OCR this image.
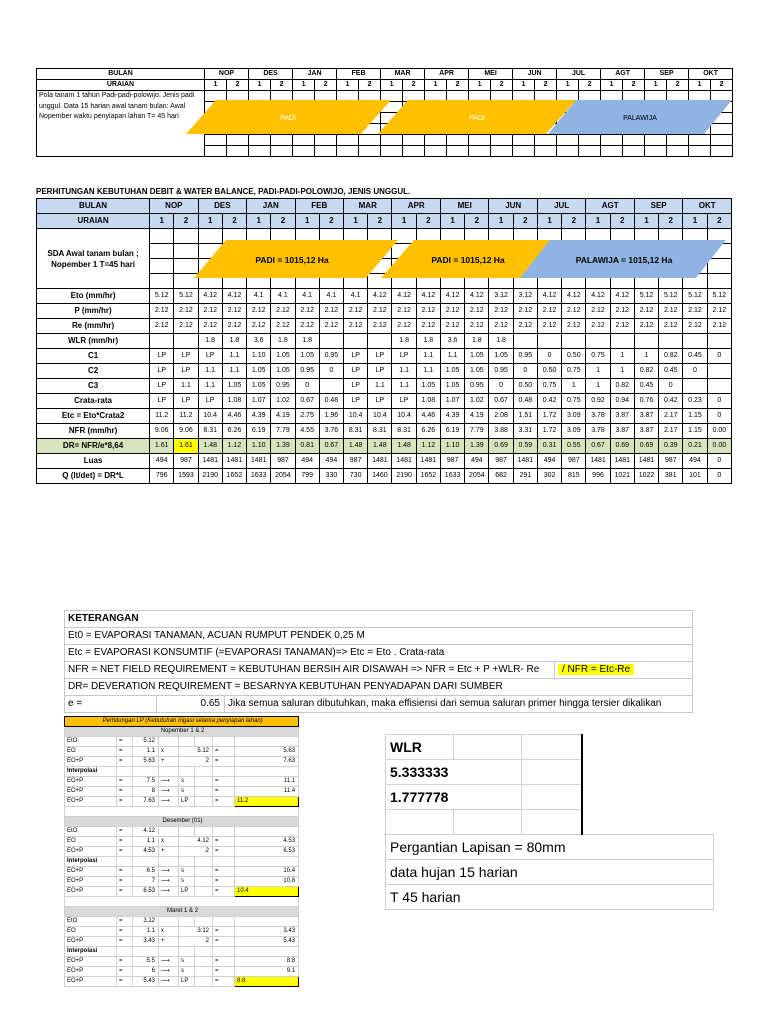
BULAN	NOP		DES		JAN		FEB		MAR		APR		MEI		JUN		JUL		AGT		SEP		OKT	
URAIAN	1	2	1	2	1	2	1	2	1	2	1	2	1	2	1	2	1	2	1	2	1	2	1	2
Pola tanam 1 tahun Padi-padi-polowijo. Jenis padi unggul. Data 15 harian awal tanam bulan: Awal Nopember waktu penyiapan lahan T= 45 hari																								

																								PADI	PADI	PALAWIJA
PERHITUNGAN KEBUTUHAN DEBIT & WATER BALANCE, PADI-PADI-POLOWIJO, JENIS UNGGUL.
BULAN	NOP		DES		JAN		FEB		MAR		APR		MEI		JUN		JUL		AGT		SEP		OKT	
URAIAN	1	2	1	2	1	2	1	2	1	2	1	2	1	2	1	2	1	2	1	2	1	2	1	2
SDA Awal tanam bulan ; Nopember 1 T=45 hari																								

Eto (mm/hr)	5.12	5.12	4.12	4.12	4.1	4.1	4.1	4.1	4.1	4.12	4.12	4.12	4.12	4.12	3.12	3.12	4.12	4.12	4.12	4.12	5.12	5.12	5.12	5.12
P (mm/hr)	2.12	2.12	2.12	2.12	2.12	2.12	2.12	2.12	2.12	2.12	2.12	2.12	2.12	2.12	2.12	2.12	2.12	2.12	2.12	2.12	2.12	2.12	2.12	2.12
Re (mm/hr)	2.12	2.12	2.12	2.12	2.12	2.12	2.12	2.12	2.12	2.12	2.12	2.12	2.12	2.12	2.12	2.12	2.12	2.12	2.12	2.12	2.12	2.12	2.12	2.12
WLR (mm/hr)			1.8	1.8	3.6	1.8	1.8				1.8	1.8	3.6	1.8	1.8									
C1	LP	LP	LP	1.1	1.10	1.05	1.05	0.95	LP	LP	LP	1.1	1.1	1.05	1.05	0.95	0	0.50	0.75	1	1	0.82	0.45	0
C2	LP	LP	1.1	1.1	1.05	1.05	0.95	0	LP	LP	1.1	1.1	1.05	1.05	0.95	0	0.50	0.75	1	1	0.82	0.45	0	
C3	LP	1.1	1.1	1.05	1.05	0.95	0		LP	1.1	1.1	1.05	1.05	0.95	0	0.50	0.75	1	1	0.82	0.45	0		
Crata-rata	LP	LP	LP	1.08	1.07	1.02	0.67	0.48	LP	LP	LP	1.08	1.07	1.02	0.67	0.48	0.42	0.75	0.92	0.94	0.76	0.42	0.23	0
Etc = Eto*Crata2	11.2	11.2	10.4	4.46	4.39	4.19	2.75	1.96	10.4	10.4	10.4	4.46	4.39	4.19	2.08	1.51	1.72	3.09	3.78	3.87	3.87	2.17	1.15	0
NFR (mm/hr)	9.06	9.06	8.31	6.26	6.19	7.79	4.55	3.76	8.31	8.31	8.31	6.26	6.19	7.79	3.88	3.31	1.72	3.09	3.78	3.87	3.87	2.17	1.15	0.00
DR= NFR/e*8,64	1.61	1.61	1.48	1.12	1.10	1.39	0.81	0.67	1.48	1.48	1.48	1.12	1.10	1.39	0.69	0.59	0.31	0.55	0.67	0.69	0.69	0.39	0.21	0.00
Luas	494	987	1481	1481	1481	987	494	494	987	1481	1481	1481	987	494	987	1481	494	987	1481	1481	1481	987	494	0
Q (lt/det) = DR*L	796	1593	2190	1652	1633	2054	799	330	730	1460	2190	1652	1633	2054	682	291	302	815	996	1021	1022	381	101	0
PADI = 1015,12 Ha	PADI = 1015,12 Ha	PALAWIJA = 1015,12 Ha
KETERANGAN			
Et0 = EVAPORASI TANAMAN, ACUAN RUMPUT PENDEK 0,25 M			
Etc = EVAPORASI KONSUMTIF (=EVAPORASI TANAMAN)=> Etc = Eto . Crata-rata			
NFR = NET FIELD REQUIREMENT = KEBUTUHAN BERSIH AIR DISAWAH => NFR = Etc + P +WLR- Re			/ NFR = Etc-Re
DR= DEVERATION REQUIREMENT = BESARNYA KEBUTUHAN PENYADAPAN DARI SUMBER			
e =	0.65	Jika semua saluran dibutuhkan, maka effisiensi dari semua saluran primer hingga tersier dikalikan	
Perhitungan LP (Kebutuhan Irigasi selama penyiapan lahan)							
Nopember 1 & 2							
EtO	=	5.12					
EO	=	1.1	x	5.12		=	5.63
EO+P	=	5.63	+	2		=	7.63
Interpolasi							
EO+P	=	7.5	⟶	s		=	11.1
EO+P	=	8	⟶	s		=	11.4
EO+P	=	7.63	⟶	LP		=	11.2

Desember (01)							
EtO	=	4.12					
EO	=	1.1	x	4.12		=	4.53
EO+P	=	4.53	+	2		=	6.53
Interpolasi							
EO+P	=	6.5	⟶	s		=	10.4
EO+P	=	7	⟶	s		=	10.8
EO+P	=	6.53	⟶	LP		=	10.4

Maret 1 & 2							
EtO	=	3.12					
EO	=	1.1	x	3.12		=	3.43
EO+P	=	3.43	+	2		=	5.43
Interpolasi							
EO+P	=	5.5	⟶	s		=	8.8
EO+P	=	6	⟶	s		=	9.1
EO+P	=	5.43	⟶	LP		=	8.8
WLR			
5.333333			
1.777778			

Pergantian Lapisan = 80mm			
data hujan 15 harian			
T 45 harian			
